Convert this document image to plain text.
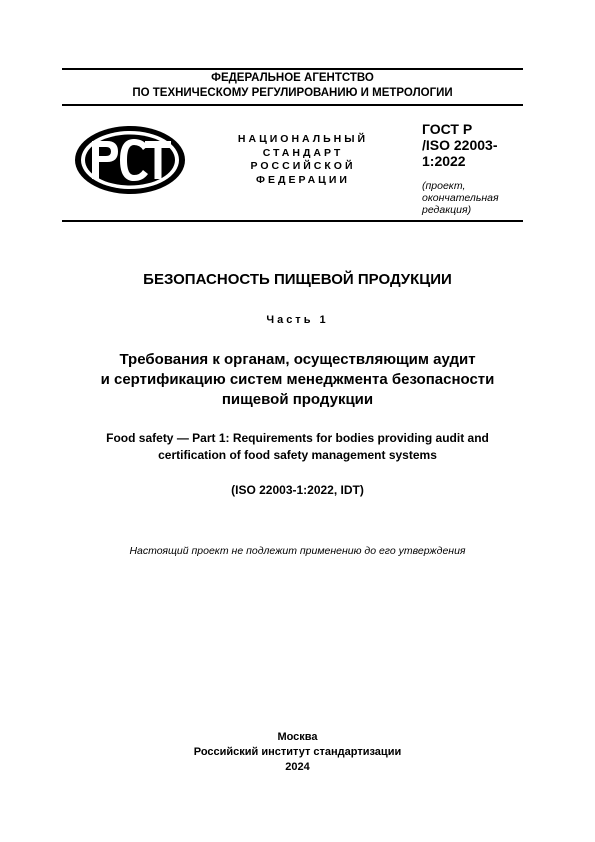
ФЕДЕРАЛЬНОЕ АГЕНТСТВО
ПО ТЕХНИЧЕСКОМУ РЕГУЛИРОВАНИЮ И МЕТРОЛОГИИ
НАЦИОНАЛЬНЫЙ
СТАНДАРТ
РОССИЙСКОЙ
ФЕДЕРАЦИИ
ГОСТ Р
/ISO 22003-
1:2022
(проект,
окончательная
редакция)
БЕЗОПАСНОСТЬ ПИЩЕВОЙ ПРОДУКЦИИ
Часть 1
Требования к органам, осуществляющим аудит
и сертификацию систем менеджмента безопасности
пищевой продукции
Food safety — Part 1: Requirements for bodies providing audit and
certification of food safety management systems
(ISO 22003-1:2022, IDT)
Настоящий проект не подлежит применению до его утверждения
Москва
Российский институт стандартизации
2024
